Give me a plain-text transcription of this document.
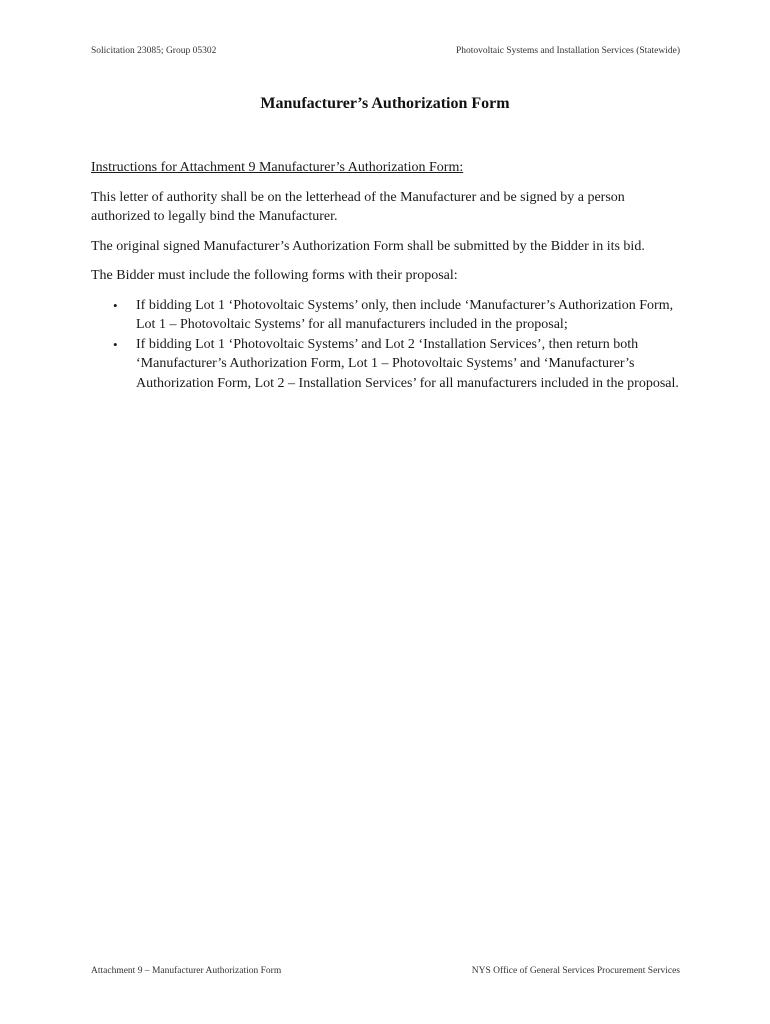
Solicitation 23085; Group 05302	Photovoltaic Systems and Installation Services (Statewide)
Manufacturer’s Authorization Form

Instructions for Attachment 9 Manufacturer’s Authorization Form:

This letter of authority shall be on the letterhead of the Manufacturer and be signed by a person authorized to legally bind the Manufacturer.

The original signed Manufacturer’s Authorization Form shall be submitted by the Bidder in its bid.

The Bidder must include the following forms with their proposal:

• If bidding Lot 1 ‘Photovoltaic Systems’ only, then include ‘Manufacturer’s Authorization Form, Lot 1 – Photovoltaic Systems’ for all manufacturers included in the proposal;
• If bidding Lot 1 ‘Photovoltaic Systems’ and Lot 2 ‘Installation Services’, then return both ‘Manufacturer’s Authorization Form, Lot 1 – Photovoltaic Systems’ and ‘Manufacturer’s Authorization Form, Lot 2 – Installation Services’ for all manufacturers included in the proposal.
Attachment 9 – Manufacturer Authorization Form	NYS Office of General Services Procurement Services
